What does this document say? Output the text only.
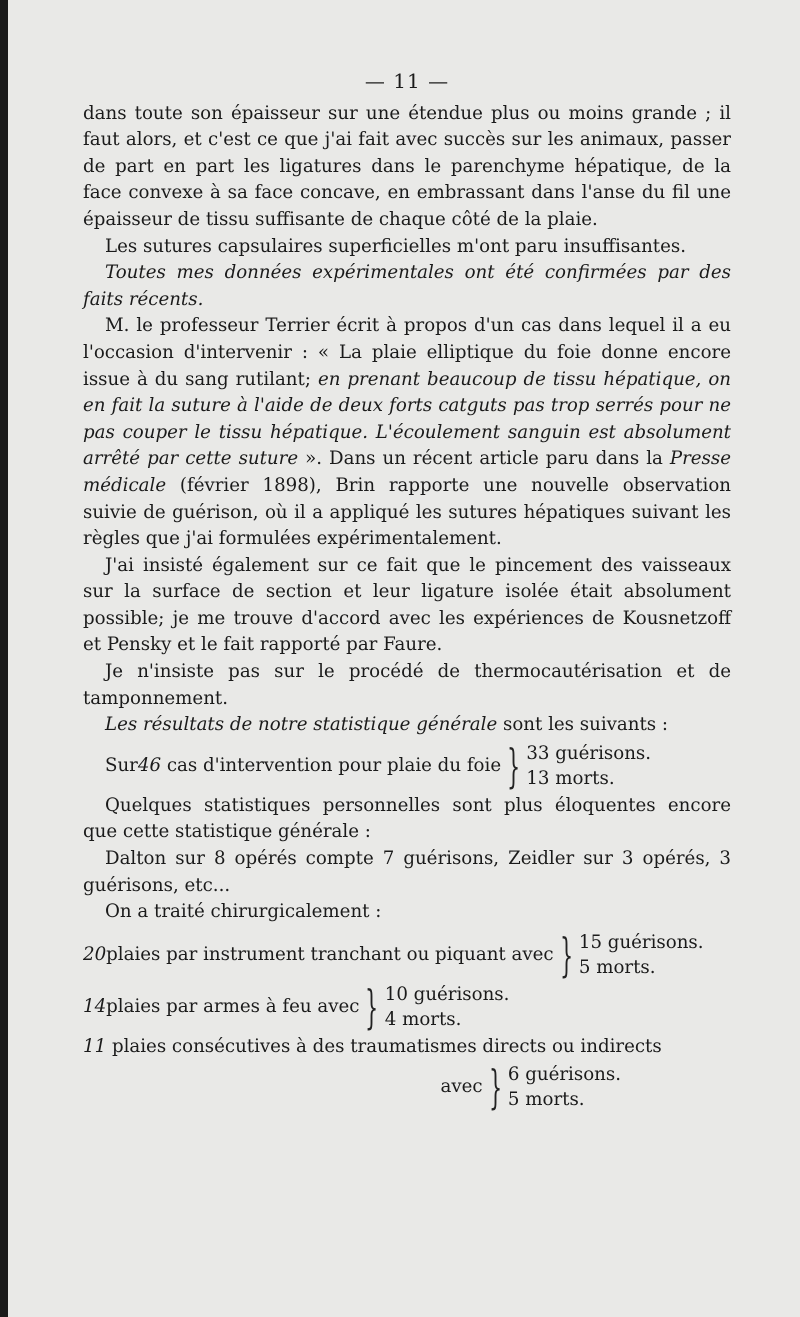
— 11 —

dans toute son épaisseur sur une étendue plus ou moins grande ; il faut alors, et c'est ce que j'ai fait avec succès sur les animaux, passer de part en part les ligatures dans le parenchyme hépatique, de la face convexe à sa face concave, en embrassant dans l'anse du fil une épaisseur de tissu suffisante de chaque côté de la plaie.

Les sutures capsulaires superficielles m'ont paru insuffisantes.

Toutes mes données expérimentales ont été confirmées par des faits récents.

M. le professeur Terrier écrit à propos d'un cas dans lequel il a eu l'occasion d'intervenir : « La plaie elliptique du foie donne encore issue à du sang rutilant; en prenant beaucoup de tissu hépatique, on en fait la suture à l'aide de deux forts catguts pas trop serrés pour ne pas couper le tissu hépatique. L'écoulement sanguin est absolument arrêté par cette suture ». Dans un récent article paru dans la Presse médicale (février 1898), Brin rapporte une nouvelle observation suivie de guérison, où il a appliqué les sutures hépatiques suivant les règles que j'ai formulées expérimentalement.

J'ai insisté également sur ce fait que le pincement des vaisseaux sur la surface de section et leur ligature isolée était absolument possible; je me trouve d'accord avec les expériences de Kousnetzoff et Pensky et le fait rapporté par Faure.

Je n'insiste pas sur le procédé de thermocautérisation et de tamponnement.

Les résultats de notre statistique générale sont les suivants :

Sur 46
cas d'intervention pour plaie du foie } 33 guérisons.
13 morts.

Quelques statistiques personnelles sont plus éloquentes encore que cette statistique générale :

Dalton sur 8 opérés compte 7 guérisons, Zeidler sur 3 opérés, 3 guérisons, etc...

On a traité chirurgicalement :

20 plaies par instrument tranchant ou piquant avec } 15 guérisons.
5 morts.
14 plaies par armes à feu avec } 10 guérisons.
4 morts.

11 plaies consécutives à des traumatismes directs ou indirects

avec } 6 guérisons.
5 morts.
